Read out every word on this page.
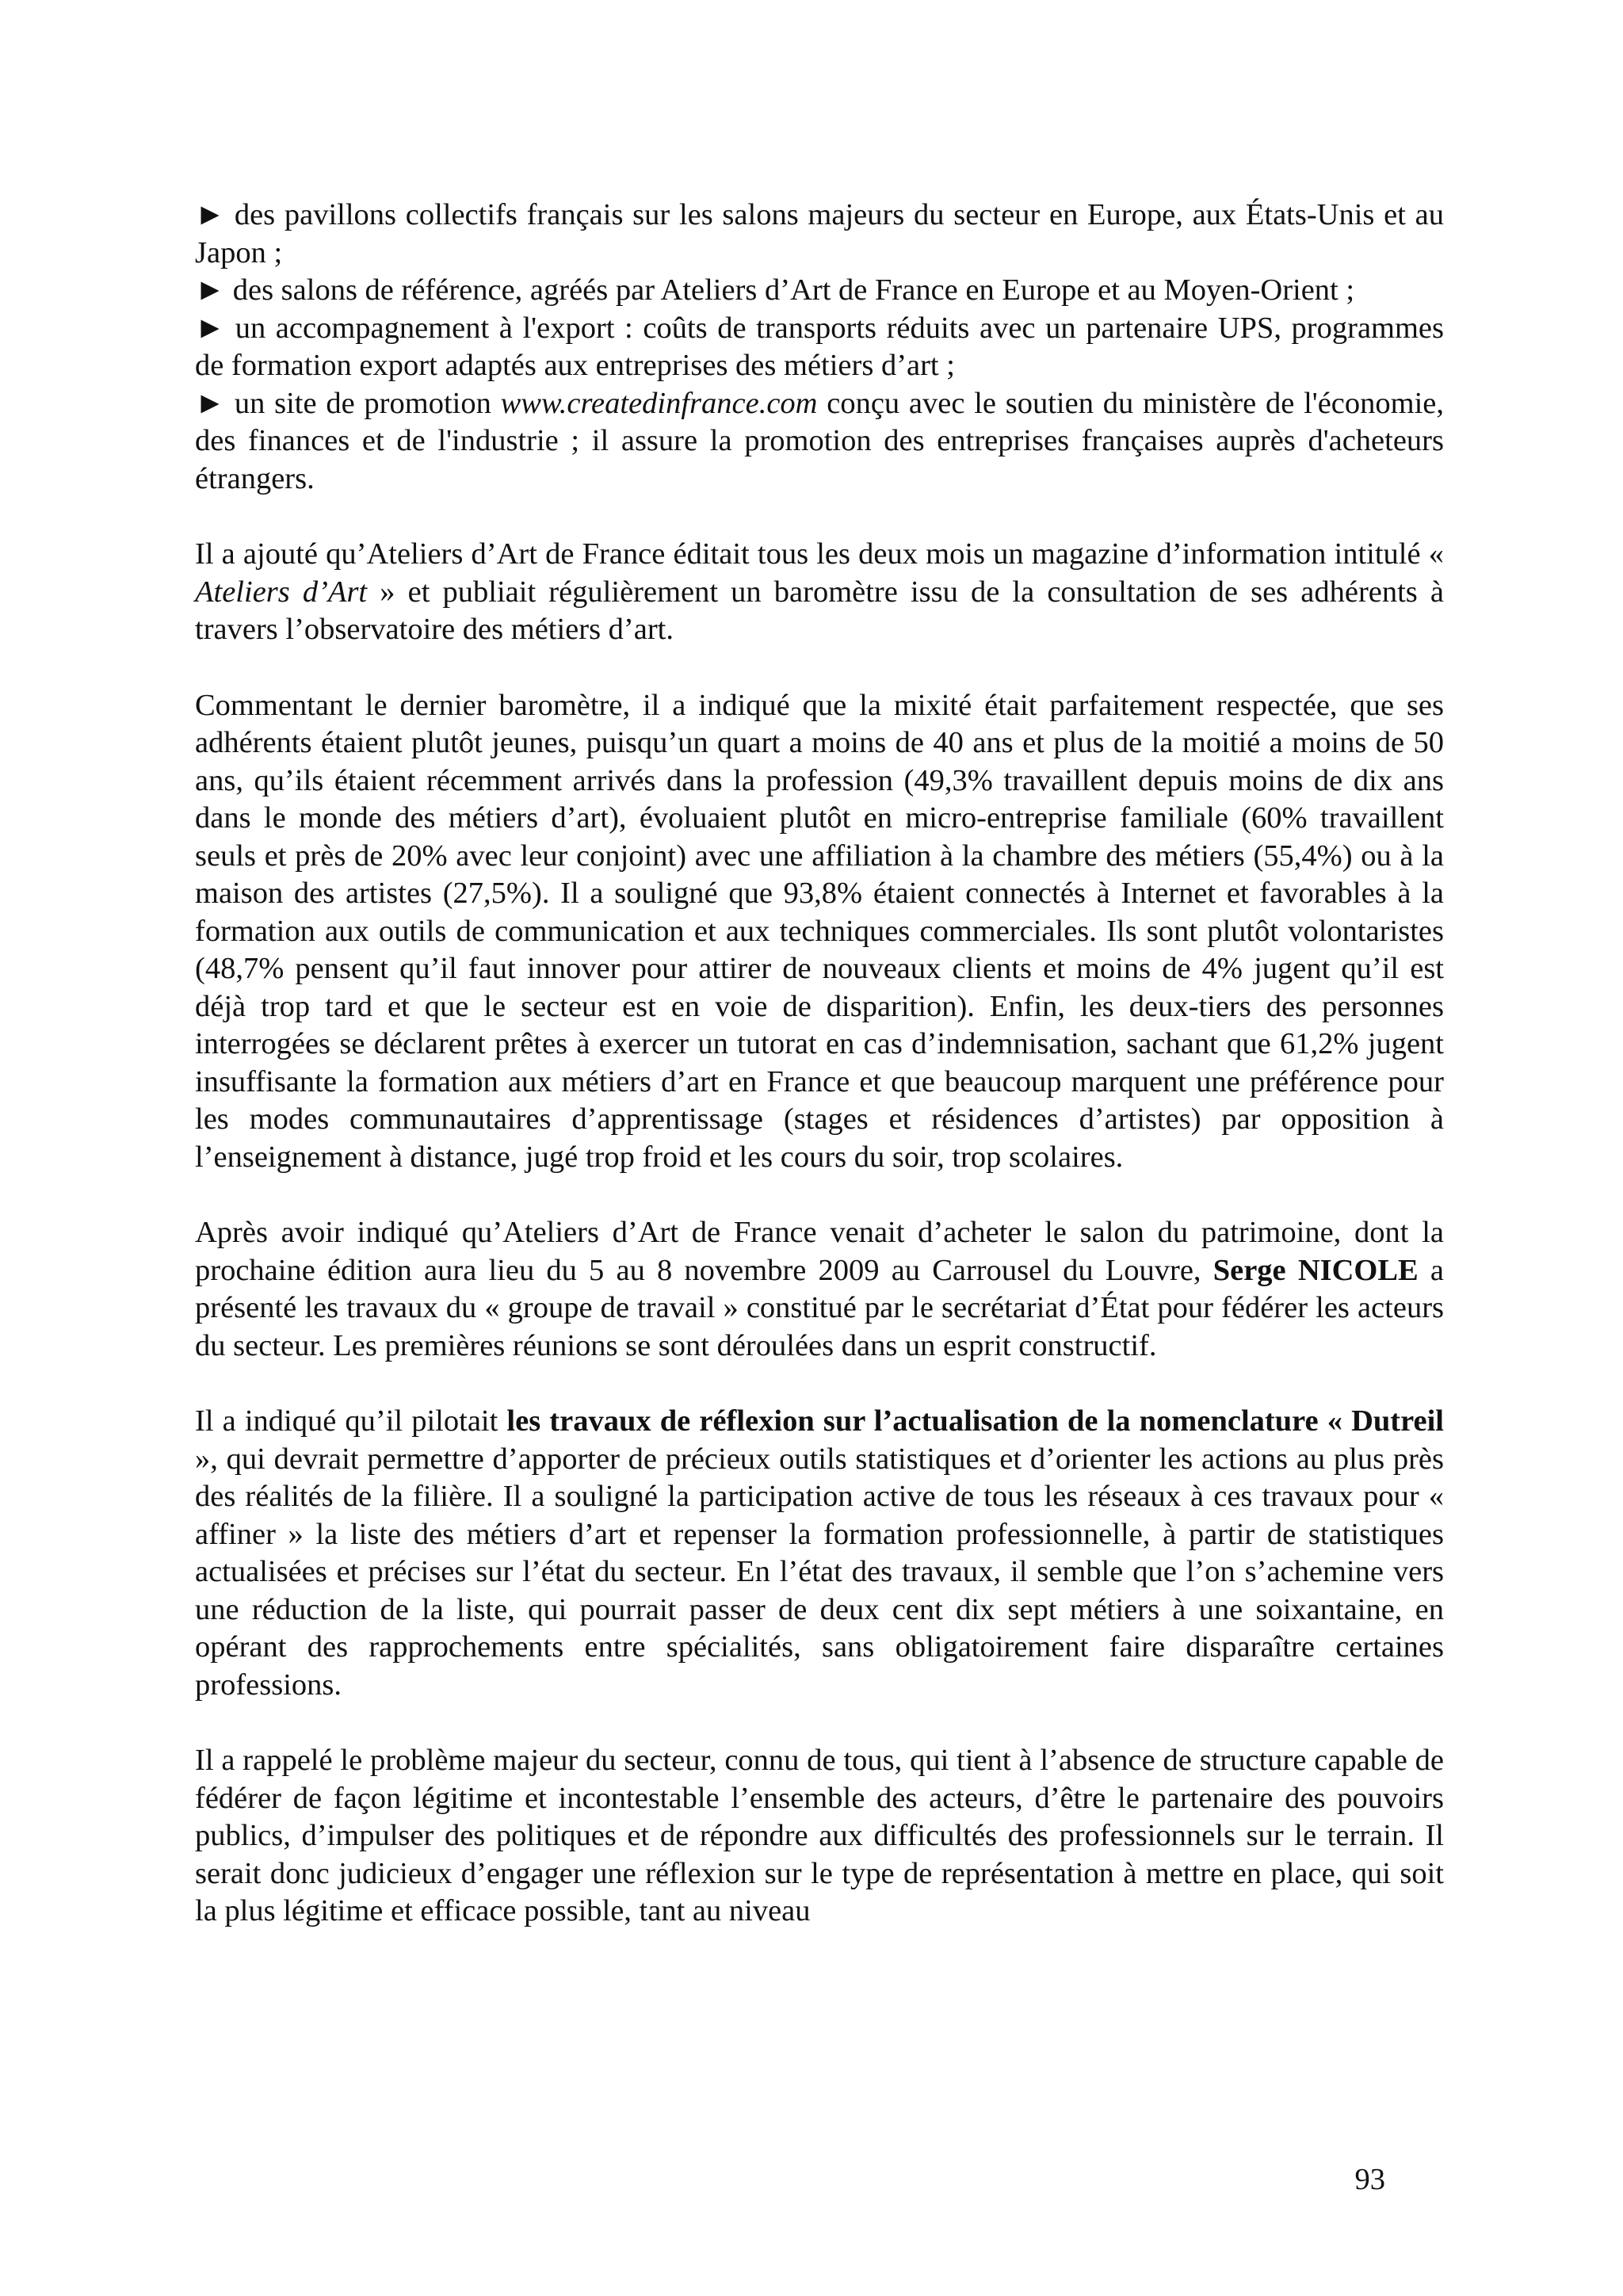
► des pavillons collectifs français sur les salons majeurs du secteur en Europe, aux États-Unis et au Japon ;

► des salons de référence, agréés par Ateliers d’Art de France en Europe et au Moyen-Orient ;

► un accompagnement à l'export : coûts de transports réduits avec un partenaire UPS, programmes de formation export adaptés aux entreprises des métiers d’art ;

► un site de promotion www.createdinfrance.com conçu avec le soutien du ministère de l'économie, des finances et de l'industrie ; il assure la promotion des entreprises françaises auprès d'acheteurs étrangers.

Il a ajouté qu’Ateliers d’Art de France éditait tous les deux mois un magazine d’information intitulé « Ateliers d’Art » et publiait régulièrement un baromètre issu de la consultation de ses adhérents à travers l’observatoire des métiers d’art.

Commentant le dernier baromètre, il a indiqué que la mixité était parfaitement respectée, que ses adhérents étaient plutôt jeunes, puisqu’un quart a moins de 40 ans et plus de la moitié a moins de 50 ans, qu’ils étaient récemment arrivés dans la profession (49,3% travaillent depuis moins de dix ans dans le monde des métiers d’art), évoluaient plutôt en micro-entreprise familiale (60% travaillent seuls et près de 20% avec leur conjoint) avec une affiliation à la chambre des métiers (55,4%) ou à la maison des artistes (27,5%). Il a souligné que 93,8% étaient connectés à Internet et favorables à la formation aux outils de communication et aux techniques commerciales. Ils sont plutôt volontaristes (48,7% pensent qu’il faut innover pour attirer de nouveaux clients et moins de 4% jugent qu’il est déjà trop tard et que le secteur est en voie de disparition). Enfin, les deux-tiers des personnes interrogées se déclarent prêtes à exercer un tutorat en cas d’indemnisation, sachant que 61,2% jugent insuffisante la formation aux métiers d’art en France et que beaucoup marquent une préférence pour les modes communautaires d’apprentissage (stages et résidences d’artistes) par opposition à l’enseignement à distance, jugé trop froid et les cours du soir, trop scolaires.

Après avoir indiqué qu’Ateliers d’Art de France venait d’acheter le salon du patrimoine, dont la prochaine édition aura lieu du 5 au 8 novembre 2009 au Carrousel du Louvre, Serge NICOLE a présenté les travaux du « groupe de travail » constitué par le secrétariat d’État pour fédérer les acteurs du secteur. Les premières réunions se sont déroulées dans un esprit constructif.

Il a indiqué qu’il pilotait les travaux de réflexion sur l’actualisation de la nomenclature « Dutreil », qui devrait permettre d’apporter de précieux outils statistiques et d’orienter les actions au plus près des réalités de la filière. Il a souligné la participation active de tous les réseaux à ces travaux pour « affiner » la liste des métiers d’art et repenser la formation professionnelle, à partir de statistiques actualisées et précises sur l’état du secteur. En l’état des travaux, il semble que l’on s’achemine vers une réduction de la liste, qui pourrait passer de deux cent dix sept métiers à une soixantaine, en opérant des rapprochements entre spécialités, sans obligatoirement faire disparaître certaines professions.

Il a rappelé le problème majeur du secteur, connu de tous, qui tient à l’absence de structure capable de fédérer de façon légitime et incontestable l’ensemble des acteurs, d’être le partenaire des pouvoirs publics, d’impulser des politiques et de répondre aux difficultés des professionnels sur le terrain. Il serait donc judicieux d’engager une réflexion sur le type de représentation à mettre en place, qui soit la plus légitime et efficace possible, tant au niveau

93
